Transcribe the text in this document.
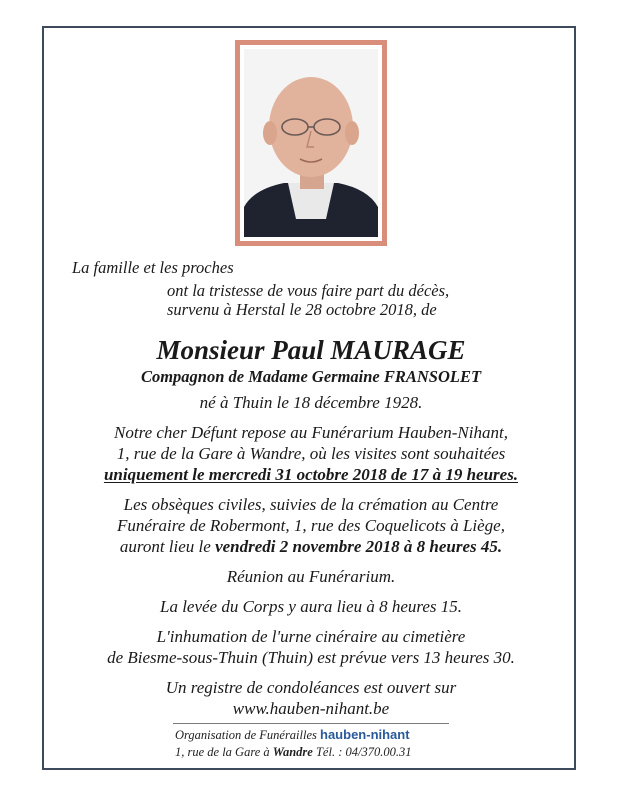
La famille et les proches
ont la tristesse de vous faire part du décès,
survenu à Herstal le 28 octobre 2018, de
Monsieur Paul MAURAGE
Compagnon de Madame Germaine FRANSOLET
né à Thuin le 18 décembre 1928.
Notre cher Défunt repose au Funérarium Hauben-Nihant,
1, rue de la Gare à Wandre, où les visites sont souhaitées
uniquement le mercredi 31 octobre 2018 de 17 à 19 heures.
Les obsèques civiles, suivies de la crémation au Centre
Funéraire de Robermont, 1, rue des Coquelicots à Liège,
auront lieu le vendredi 2 novembre 2018 à 8 heures 45.
Réunion au Funérarium.
La levée du Corps y aura lieu à 8 heures 15.
L'inhumation de l'urne cinéraire au cimetière
de Biesme-sous-Thuin (Thuin) est prévue vers 13 heures 30.
Un registre de condoléances est ouvert sur
www.hauben-nihant.be
Organisation de Funérailles hauben-nihant
1, rue de la Gare à Wandre Tél. : 04/370.00.31
